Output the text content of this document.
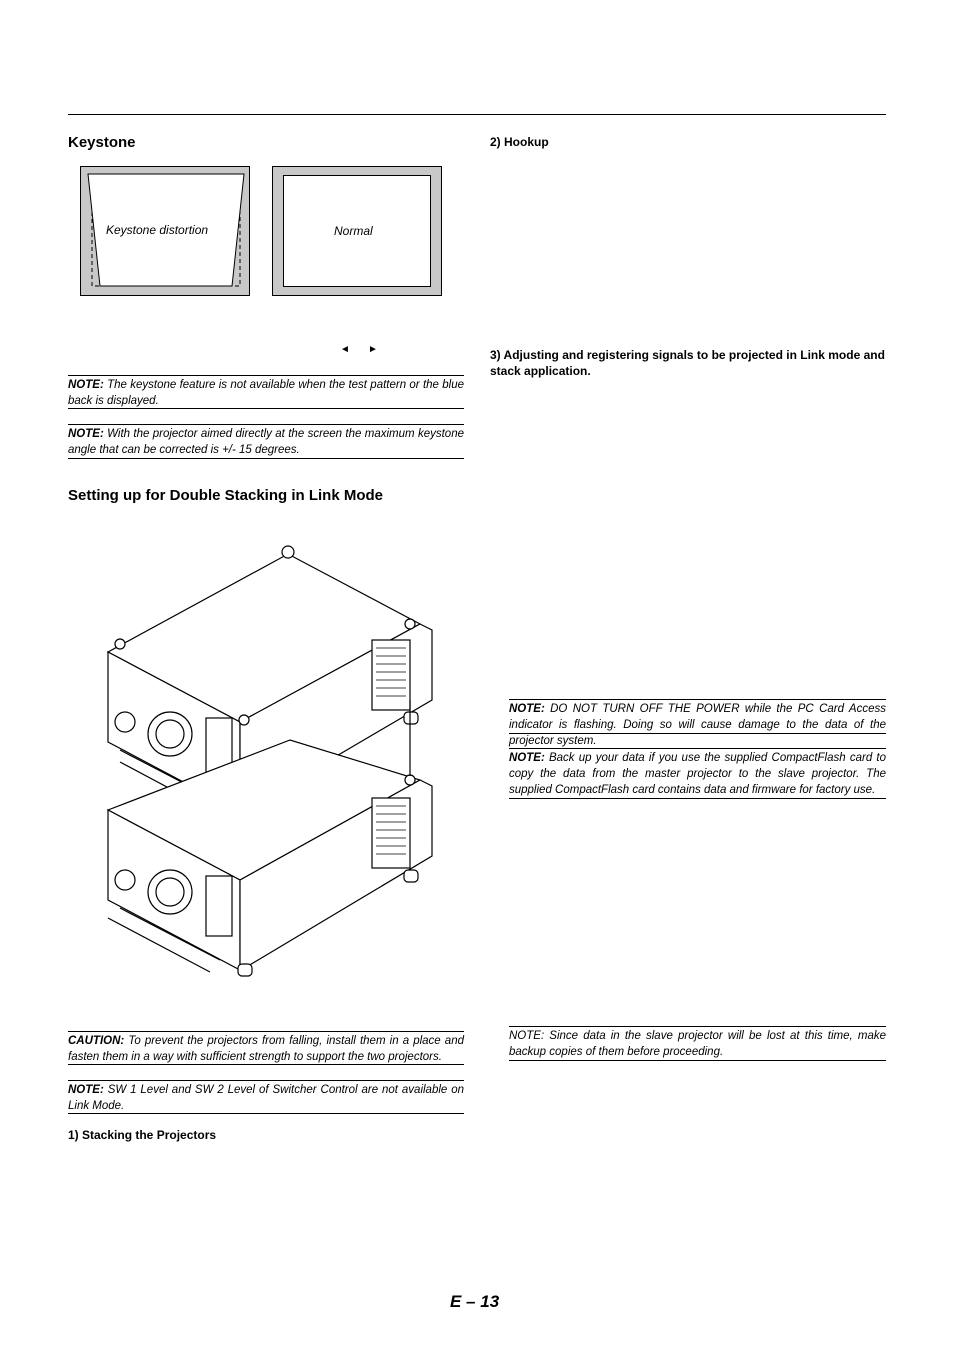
Keystone
Keystone distortion	Normal
◄ ►
NOTE: The keystone feature is not available when the test pattern or the blue back is displayed.
NOTE: With the projector aimed directly at the screen the maximum keystone angle that can be corrected is +/- 15 degrees.
Setting up for Double Stacking in Link Mode
CAUTION: To prevent the projectors from falling, install them in a place and fasten them in a way with sufficient strength to support the two projectors.
NOTE: SW 1 Level and SW 2 Level of Switcher Control are not available on Link Mode.
1) Stacking the Projectors
2) Hookup
3) Adjusting and registering signals to be projected in Link mode and stack application.
NOTE: DO NOT TURN OFF THE POWER while the PC Card Access indicator is flashing. Doing so will cause damage to the data of the projector system.
NOTE: Back up your data if you use the supplied CompactFlash card to copy the data from the master projector to the slave projector. The supplied CompactFlash card contains data and firmware for factory use.
NOTE: Since data in the slave projector will be lost at this time, make backup copies of them before proceeding.
E – 13
